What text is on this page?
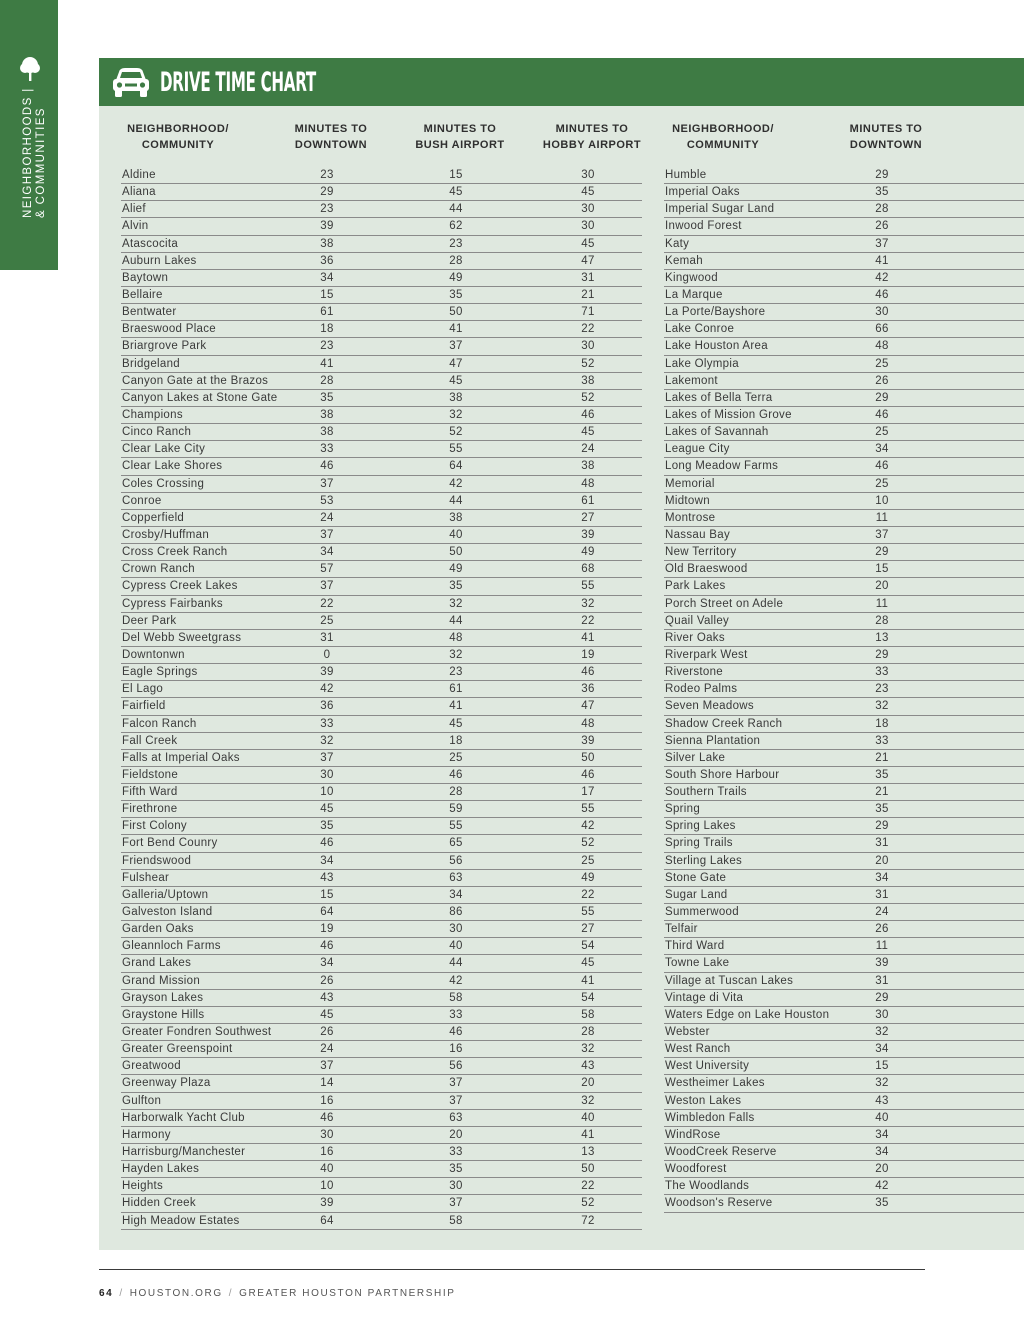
NEIGHBORHOODS | & COMMUNITIES
DRIVE TIME CHART
NEIGHBORHOOD/
COMMUNITY
MINUTES TO
DOWNTOWN
MINUTES TO
BUSH AIRPORT
MINUTES TO
HOBBY AIRPORT
NEIGHBORHOOD/
COMMUNITY
MINUTES TO
DOWNTOWN
Aldine	23	15	30
Aliana	29	45	45
Alief	23	44	30
Alvin	39	62	30
Atascocita	38	23	45
Auburn Lakes	36	28	47
Baytown	34	49	31
Bellaire	15	35	21
Bentwater	61	50	71
Braeswood Place	18	41	22
Briargrove Park	23	37	30
Bridgeland	41	47	52
Canyon Gate at the Brazos	28	45	38
Canyon Lakes at Stone Gate	35	38	52
Champions	38	32	46
Cinco Ranch	38	52	45
Clear Lake City	33	55	24
Clear Lake Shores	46	64	38
Coles Crossing	37	42	48
Conroe	53	44	61
Copperfield	24	38	27
Crosby/Huffman	37	40	39
Cross Creek Ranch	34	50	49
Crown Ranch	57	49	68
Cypress Creek Lakes	37	35	55
Cypress Fairbanks	22	32	32
Deer Park	25	44	22
Del Webb Sweetgrass	31	48	41
Downtonwn	0	32	19
Eagle Springs	39	23	46
El Lago	42	61	36
Fairfield	36	41	47
Falcon Ranch	33	45	48
Fall Creek	32	18	39
Falls at Imperial Oaks	37	25	50
Fieldstone	30	46	46
Fifth Ward	10	28	17
Firethrone	45	59	55
First Colony	35	55	42
Fort Bend Counry	46	65	52
Friendswood	34	56	25
Fulshear	43	63	49
Galleria/Uptown	15	34	22
Galveston Island	64	86	55
Garden Oaks	19	30	27
Gleannloch Farms	46	40	54
Grand Lakes	34	44	45
Grand Mission	26	42	41
Grayson Lakes	43	58	54
Graystone Hills	45	33	58
Greater Fondren Southwest	26	46	28
Greater Greenspoint	24	16	32
Greatwood	37	56	43
Greenway Plaza	14	37	20
Gulfton	16	37	32
Harborwalk Yacht Club	46	63	40
Harmony	30	20	41
Harrisburg/Manchester	16	33	13
Hayden Lakes	40	35	50
Heights	10	30	22
Hidden Creek	39	37	52
High Meadow Estates	64	58	72
Humble	29
Imperial Oaks	35
Imperial Sugar Land	28
Inwood Forest	26
Katy	37
Kemah	41
Kingwood	42
La Marque	46
La Porte/Bayshore	30
Lake Conroe	66
Lake Houston Area	48
Lake Olympia	25
Lakemont	26
Lakes of Bella Terra	29
Lakes of Mission Grove	46
Lakes of Savannah	25
League City	34
Long Meadow Farms	46
Memorial	25
Midtown	10
Montrose	11
Nassau Bay	37
New Territory	29
Old Braeswood	15
Park Lakes	20
Porch Street on Adele	11
Quail Valley	28
River Oaks	13
Riverpark West	29
Riverstone	33
Rodeo Palms	23
Seven Meadows	32
Shadow Creek Ranch	18
Sienna Plantation	33
Silver Lake	21
South Shore Harbour	35
Southern Trails	21
Spring	35
Spring Lakes	29
Spring Trails	31
Sterling Lakes	20
Stone Gate	34
Sugar Land	31
Summerwood	24
Telfair	26
Third Ward	11
Towne Lake	39
Village at Tuscan Lakes	31
Vintage di Vita	29
Waters Edge on Lake Houston	30
Webster	32
West Ranch	34
West University	15
Westheimer Lakes	32
Weston Lakes	43
Wimbledon Falls	40
WindRose	34
WoodCreek Reserve	34
Woodforest	20
The Woodlands	42
Woodson's Reserve	35
64 / HOUSTON.ORG / GREATER HOUSTON PARTNERSHIP
